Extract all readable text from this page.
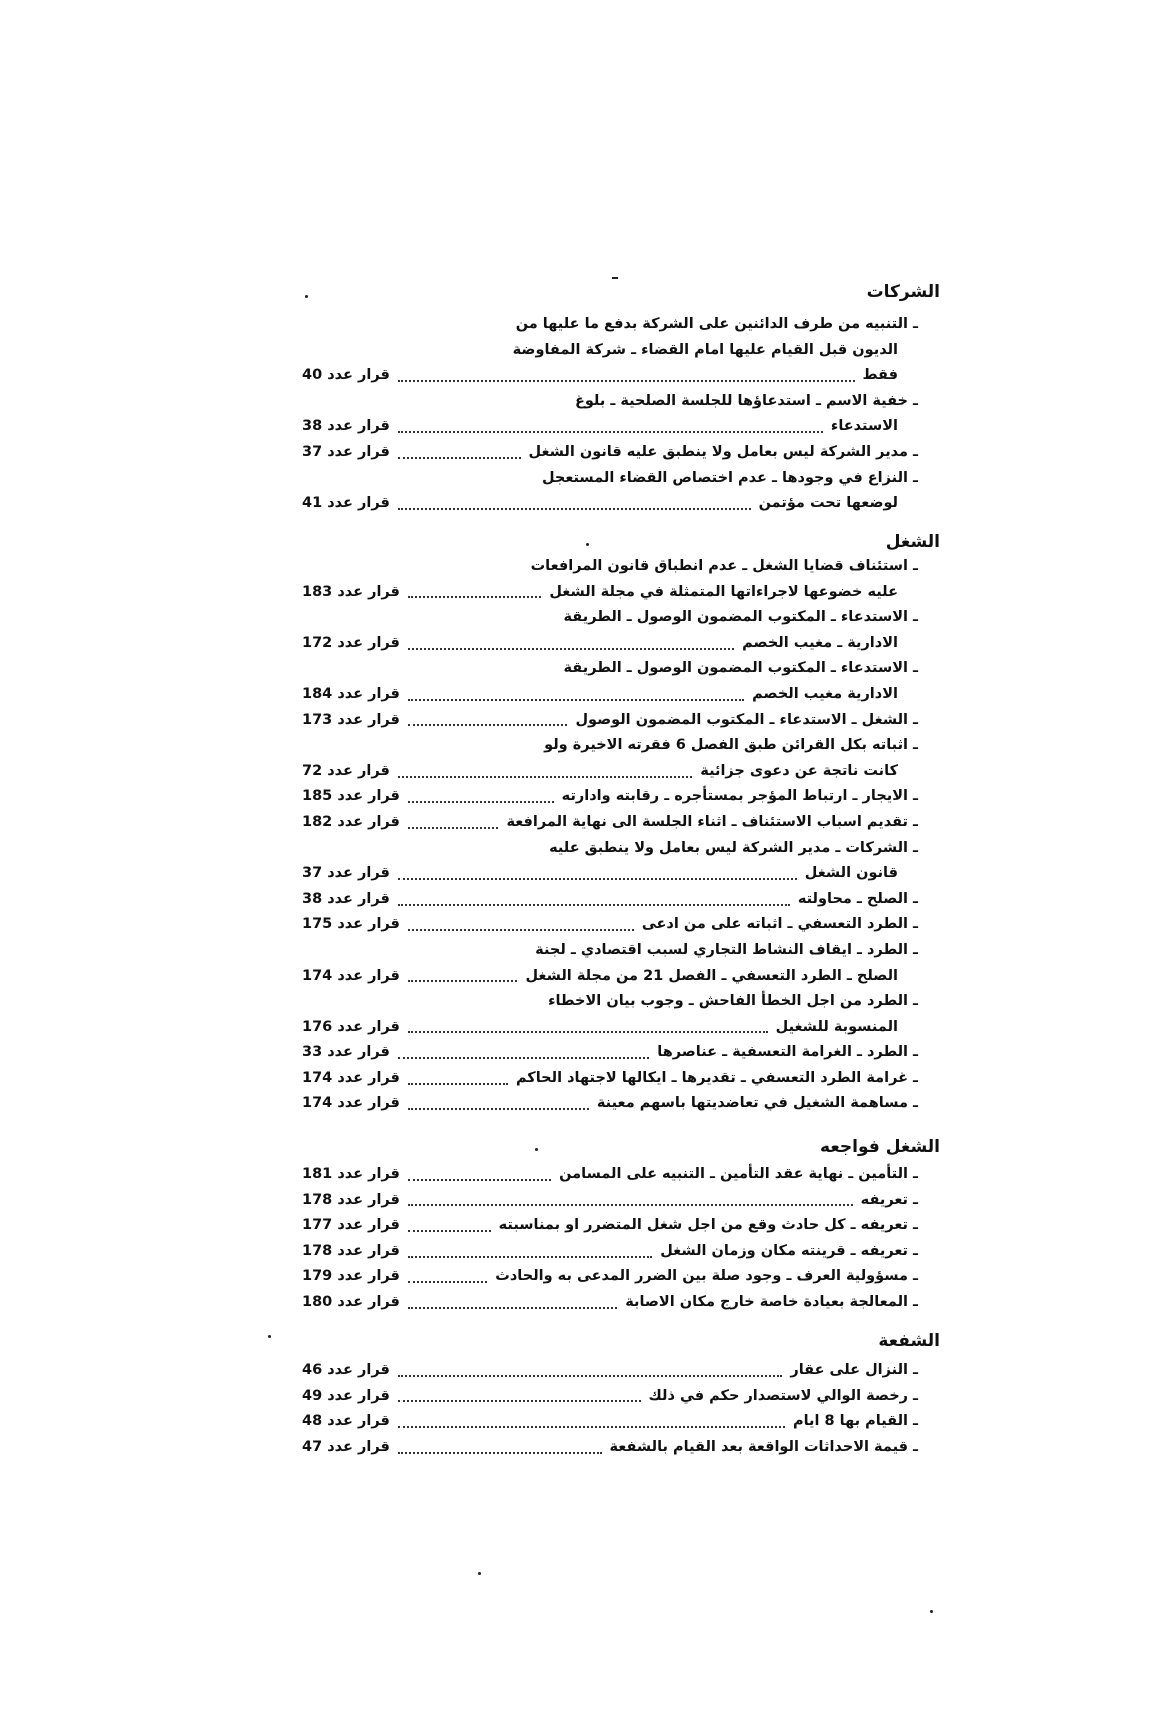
الشركات
ـ التنبيه من طرف الدائنين على الشركة بدفع ما عليها من
الديون قبل القيام عليها امام القضاء ـ شركة المفاوضة
فقط
قرار عدد 40
ـ خفية الاسم ـ استدعاؤها للجلسة الصلحية ـ بلوغ
الاستدعاء
قرار عدد 38
ـ مدير الشركة ليس بعامل ولا ينطبق عليه قانون الشغل
قرار عدد 37
ـ النزاع في وجودها ـ عدم اختصاص القضاء المستعجل
لوضعها تحت مؤتمن
قرار عدد 41
الشغل
ـ استئناف قضايا الشغل ـ عدم انطباق قانون المرافعات
عليه خضوعها لاجراءاتها المتمثلة في مجلة الشغل
قرار عدد 183
ـ الاستدعاء ـ المكتوب المضمون الوصول ـ الطريقة
الادارية ـ مغيب الخصم
قرار عدد 172
ـ الاستدعاء ـ المكتوب المضمون الوصول ـ الطريقة
الادارية مغيب الخصم
قرار عدد 184
ـ الشغل ـ الاستدعاء ـ المكتوب المضمون الوصول
قرار عدد 173
ـ اثباته بكل القرائن طبق الفصل 6 فقرته الاخيرة ولو
كانت ناتجة عن دعوى جزائية
قرار عدد 72
ـ الايجار ـ ارتباط المؤجر بمستأجره ـ رقابته وادارته
قرار عدد 185
ـ تقديم اسباب الاستئناف ـ اثناء الجلسة الى نهاية المرافعة
قرار عدد 182
ـ الشركات ـ مدير الشركة ليس بعامل ولا ينطبق عليه
قانون الشغل
قرار عدد 37
ـ الصلح ـ محاولته
قرار عدد 38
ـ الطرد التعسفي ـ اثباته على من ادعى
قرار عدد 175
ـ الطرد ـ ايقاف النشاط التجاري لسبب اقتصادي ـ لجنة
الصلح ـ الطرد التعسفي ـ الفصل 21 من مجلة الشغل
قرار عدد 174
ـ الطرد من اجل الخطأ الفاحش ـ وجوب بيان الاخطاء
المنسوبة للشغيل
قرار عدد 176
ـ الطرد ـ الغرامة التعسفية ـ عناصرها
قرار عدد 33
ـ غرامة الطرد التعسفي ـ تقديرها ـ ايكالها لاجتهاد الحاكم
قرار عدد 174
ـ مساهمة الشغيل في تعاضديتها باسهم معينة
قرار عدد 174
الشغل فواجعه
ـ التأمين ـ نهاية عقد التأمين ـ التنبيه على المسامن
قرار عدد 181
ـ تعريفه
قرار عدد 178
ـ تعريفه ـ كل حادث وقع من اجل شغل المتضرر او بمناسبته
قرار عدد 177
ـ تعريفه ـ قرينته مكان وزمان الشغل
قرار عدد 178
ـ مسؤولية العرف ـ وجود صلة بين الضرر المدعى به والحادث
قرار عدد 179
ـ المعالجة بعيادة خاصة خارج مكان الاصابة
قرار عدد 180
الشفعة
ـ النزال على عقار
قرار عدد 46
ـ رخصة الوالي لاستصدار حكم في ذلك
قرار عدد 49
ـ القيام بها 8 ايام
قرار عدد 48
ـ قيمة الاحداثات الواقعة بعد القيام بالشفعة
قرار عدد 47
